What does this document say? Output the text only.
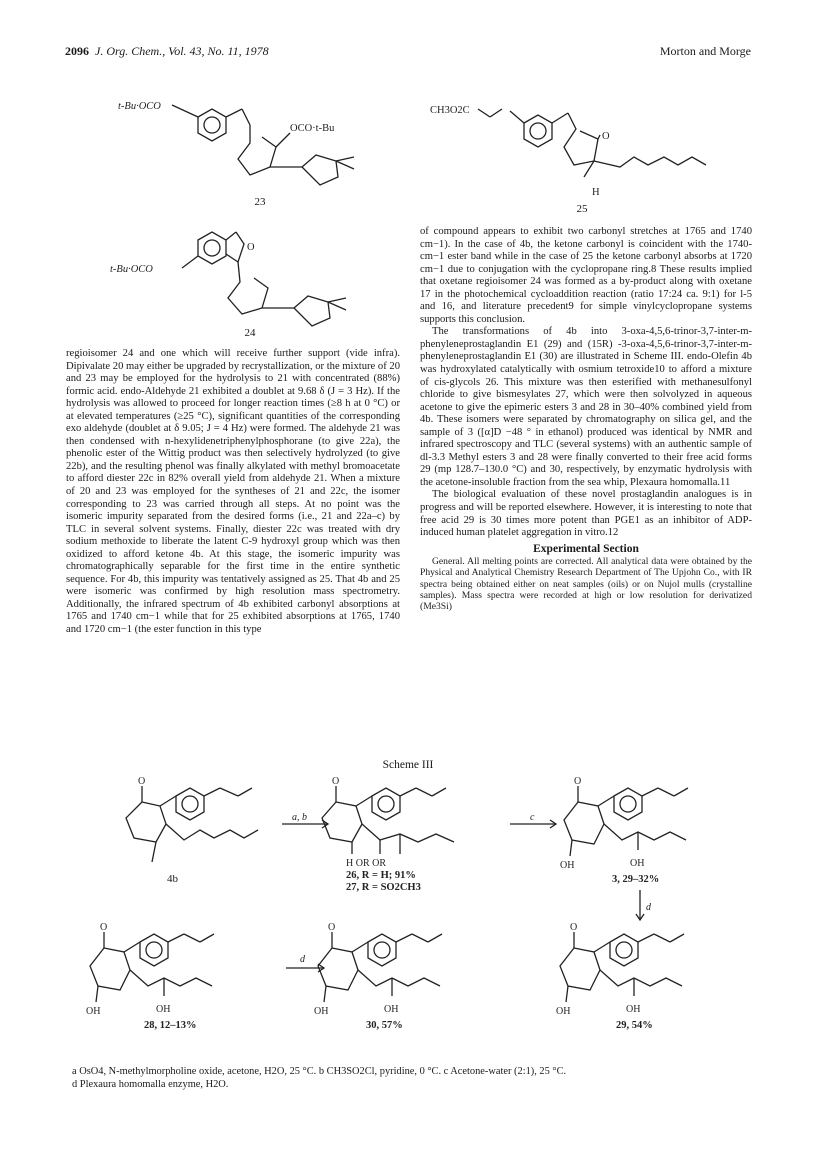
2096 J. Org. Chem., Vol. 43, No. 11, 1978	Morton and Morge
t-Bu·OCO
OCO·t-Bu
23
t-Bu·OCO
O
24
CH3O2C
O
H
25

regioisomer 24 and one which will receive further support (vide infra). Dipivalate 20 may either be upgraded by recrystallization, or the mixture of 20 and 23 may be employed for the hydrolysis to 21 with concentrated (88%) formic acid. endo-Aldehyde 21 exhibited a doublet at 9.68 δ (J = 3 Hz). If the hydrolysis was allowed to proceed for longer reaction times (≥8 h at 0 °C) or at elevated temperatures (≥25 °C), significant quantities of the corresponding exo aldehyde (doublet at δ 9.05; J = 4 Hz) were formed. The aldehyde 21 was then condensed with n-hexylidenetriphenylphosphorane (to give 22a), the phenolic ester of the Wittig product was then selectively hydrolyzed (to give 22b), and the resulting phenol was finally alkylated with methyl bromoacetate to afford diester 22c in 82% overall yield from aldehyde 21. When a mixture of 20 and 23 was employed for the syntheses of 21 and 22c, the isomer corresponding to 23 was carried through all steps. At no point was the isomeric impurity separated from the desired forms (i.e., 21 and 22a–c) by TLC in several solvent systems. Finally, diester 22c was treated with dry sodium methoxide to liberate the latent C-9 hydroxyl group which was then oxidized to afford ketone 4b. At this stage, the isomeric impurity was chromatographically separable for the first time in the entire synthetic sequence. For 4b, this impurity was tentatively assigned as 25. That 4b and 25 were isomeric was confirmed by high resolution mass spectrometry. Additionally, the infrared spectrum of 4b exhibited carbonyl absorptions at 1765 and 1740 cm−1 while that for 25 exhibited absorptions at 1765, 1740 and 1720 cm−1 (the ester function in this type

of compound appears to exhibit two carbonyl stretches at 1765 and 1740 cm−1). In the case of 4b, the ketone carbonyl is coincident with the 1740-cm−1 ester band while in the case of 25 the ketone carbonyl absorbs at 1720 cm−1 due to conjugation with the cyclopropane ring.8 These results implied that oxetane regioisomer 24 was formed as a by-product along with oxetane 17 in the photochemical cycloaddition reaction (ratio 17:24 ca. 9:1) for l-5 and 16, and literature precedent9 for simple vinylcyclopropane systems supports this conclusion.

The transformations of 4b into 3-oxa-4,5,6-trinor-3,7-inter-m-phenyleneprostaglandin E1 (29) and (15R) -3-oxa-4,5,6-trinor-3,7-inter-m-phenyleneprostaglandin E1 (30) are illustrated in Scheme III. endo-Olefin 4b was hydroxylated catalytically with osmium tetroxide10 to afford a mixture of cis-glycols 26. This mixture was then esterified with methanesulfonyl chloride to give bismesylates 27, which were then solvolyzed in aqueous acetone to give the epimeric esters 3 and 28 in 30–40% combined yield from 4b. These isomers were separated by chromatography on silica gel, and the sample of 3 ([α]D −48 ° in ethanol) produced was identical by NMR and infrared spectroscopy and TLC (several systems) with an authentic sample of dl-3.3 Methyl esters 3 and 28 were finally converted to their free acid forms 29 (mp 128.7–130.0 °C) and 30, respectively, by enzymatic hydrolysis with the acetone-insoluble fraction from the sea whip, Plexaura homomalla.11

The biological evaluation of these novel prostaglandin analogues is in progress and will be reported elsewhere. However, it is interesting to note that free acid 29 is 30 times more potent than PGE1 as an inhibitor of ADP-induced human platelet aggregation in vitro.12

Experimental Section

General. All melting points are corrected. All analytical data were obtained by the Physical and Analytical Chemistry Research Department of The Upjohn Co., with IR spectra being obtained either on neat samples (oils) or on Nujol mulls (crystalline samples). Mass spectra were recorded at high or low resolution for derivatized (Me3Si)

Scheme III
O
4b
a, b
O
H OR OR
26, R = H; 91%
27, R = SO2CH3
c
O
OH	OH
3, 29–32%
d
O
OH	OH
28, 12–13%
d
O
OH	OH
30, 57%
O
OH	OH
29, 54%
a OsO4, N-methylmorpholine oxide, acetone, H2O, 25 °C. b CH3SO2Cl, pyridine, 0 °C. c Acetone-water (2:1), 25 °C.
d Plexaura homomalla enzyme, H2O.
